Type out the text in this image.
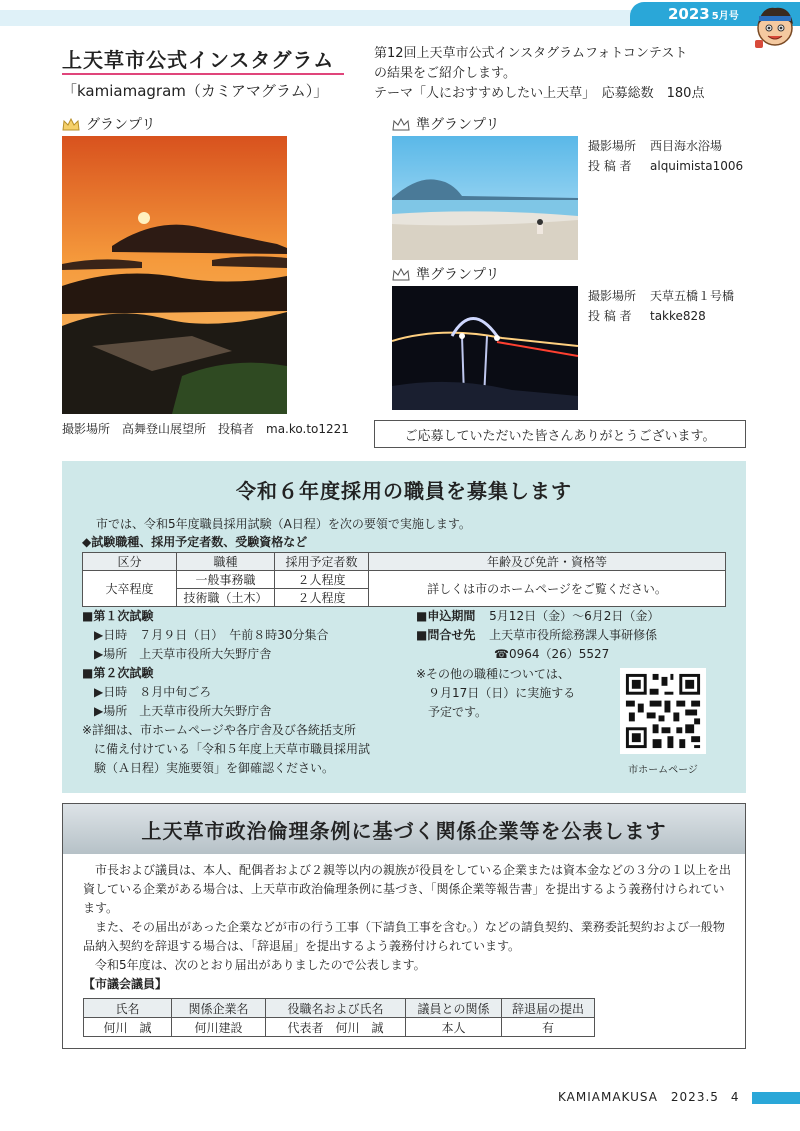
2023 5月号
上天草市公式インスタグラム
「kamiamagram（カミアマグラム）」
第12回上天草市公式インスタグラムフォトコンテスト
の結果をご紹介します。
テーマ「人におすすめしたい上天草」　応募総数　180点
グランプリ
撮影場所　高舞登山展望所　投稿者　ma.ko.to1221
準グランプリ
撮影場所 西目海水浴場
投 稿 者 alquimista1006
準グランプリ
撮影場所 天草五橋１号橋
投 稿 者 takke828
ご応募していただいた皆さんありがとうございます。
令和６年度採用の職員を募集します
市では、令和5年度職員採用試験（A日程）を次の要領で実施します。
◆試験職種、採用予定者数、受験資格など
区分	職種	採用予定者数	年齢及び免許・資格等
大卒程度	一般事務職	２人程度	詳しくは市のホームページをご覧ください。
	技術職（土木）	２人程度	
■第１次試験
▶日時　７月９日（日）　午前８時30分集合
▶場所　上天草市役所大矢野庁舎
■第２次試験
▶日時　８月中旬ごろ
▶場所　上天草市役所大矢野庁舎
※詳細は、市ホームページや各庁舎及び各統括支所
に備え付けている「令和５年度上天草市職員採用試
験（Ａ日程）実施要領」を御確認ください。
■申込期間 5月12日（金）～6月2日（金）
■問合せ先 上天草市役所総務課人事研修係
☎0964（26）5527
※その他の職種については、
９月17日（日）に実施する
予定です。
市ホームページ
上天草市政治倫理条例に基づく関係企業等を公表します

　市長および議員は、本人、配偶者および２親等以内の親族が役員をしている企業または資本金などの３分の１以上を出資している企業がある場合は、上天草市政治倫理条例に基づき、「関係企業等報告書」を提出するよう義務付けられています。

　また、その届出があった企業などが市の行う工事（下請負工事を含む。）などの請負契約、業務委託契約および一般物品納入契約を辞退する場合は、「辞退届」を提出するよう義務付けられています。

　令和5年度は、次のとおり届出がありましたので公表します。

【市議会議員】

氏名	関係企業名	役職名および氏名	議員との関係	辞退届の提出
何川　誠	何川建設	代表者　何川　誠	本人	有
KAMIAMAKUSA　2023.5 4
